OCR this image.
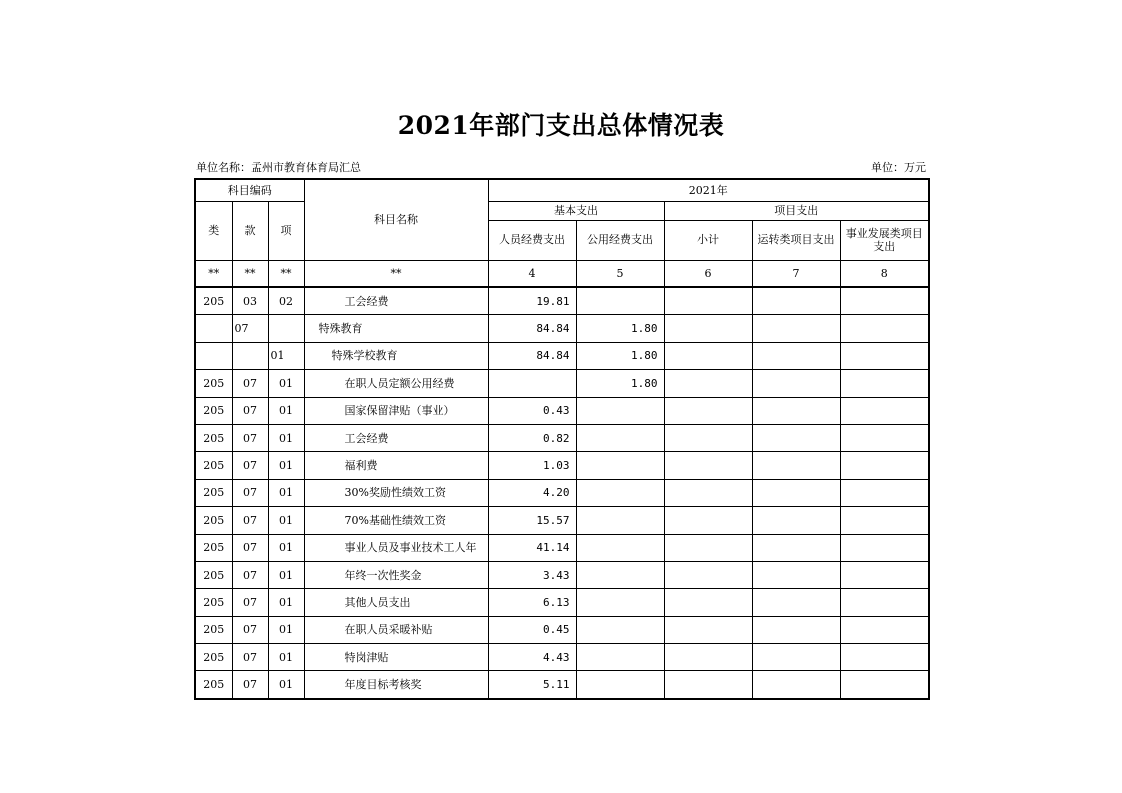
2021年部门支出总体情况表
单位名称：孟州市教育体育局汇总	单位：万元
科目编码			科目名称	2021年				
类	款	项		基本支出		项目支出		
				人员经费支出	公用经费支出	小计	运转类项目支出	事业发展类项目支出
**	**	**	**	4	5	6	7	8
205	03	02	工会经费	19.81				
	07		特殊教育	84.84	1.80			
		01	特殊学校教育	84.84	1.80			
205	07	01	在职人员定额公用经费		1.80			
205	07	01	国家保留津贴（事业）	0.43				
205	07	01	工会经费	0.82				
205	07	01	福利费	1.03				
205	07	01	30%奖励性绩效工资	4.20				
205	07	01	70%基础性绩效工资	15.57				
205	07	01	事业人员及事业技术工人年	41.14				
205	07	01	年终一次性奖金	3.43				
205	07	01	其他人员支出	6.13				
205	07	01	在职人员采暖补贴	0.45				
205	07	01	特岗津贴	4.43				
205	07	01	年度目标考核奖	5.11				
